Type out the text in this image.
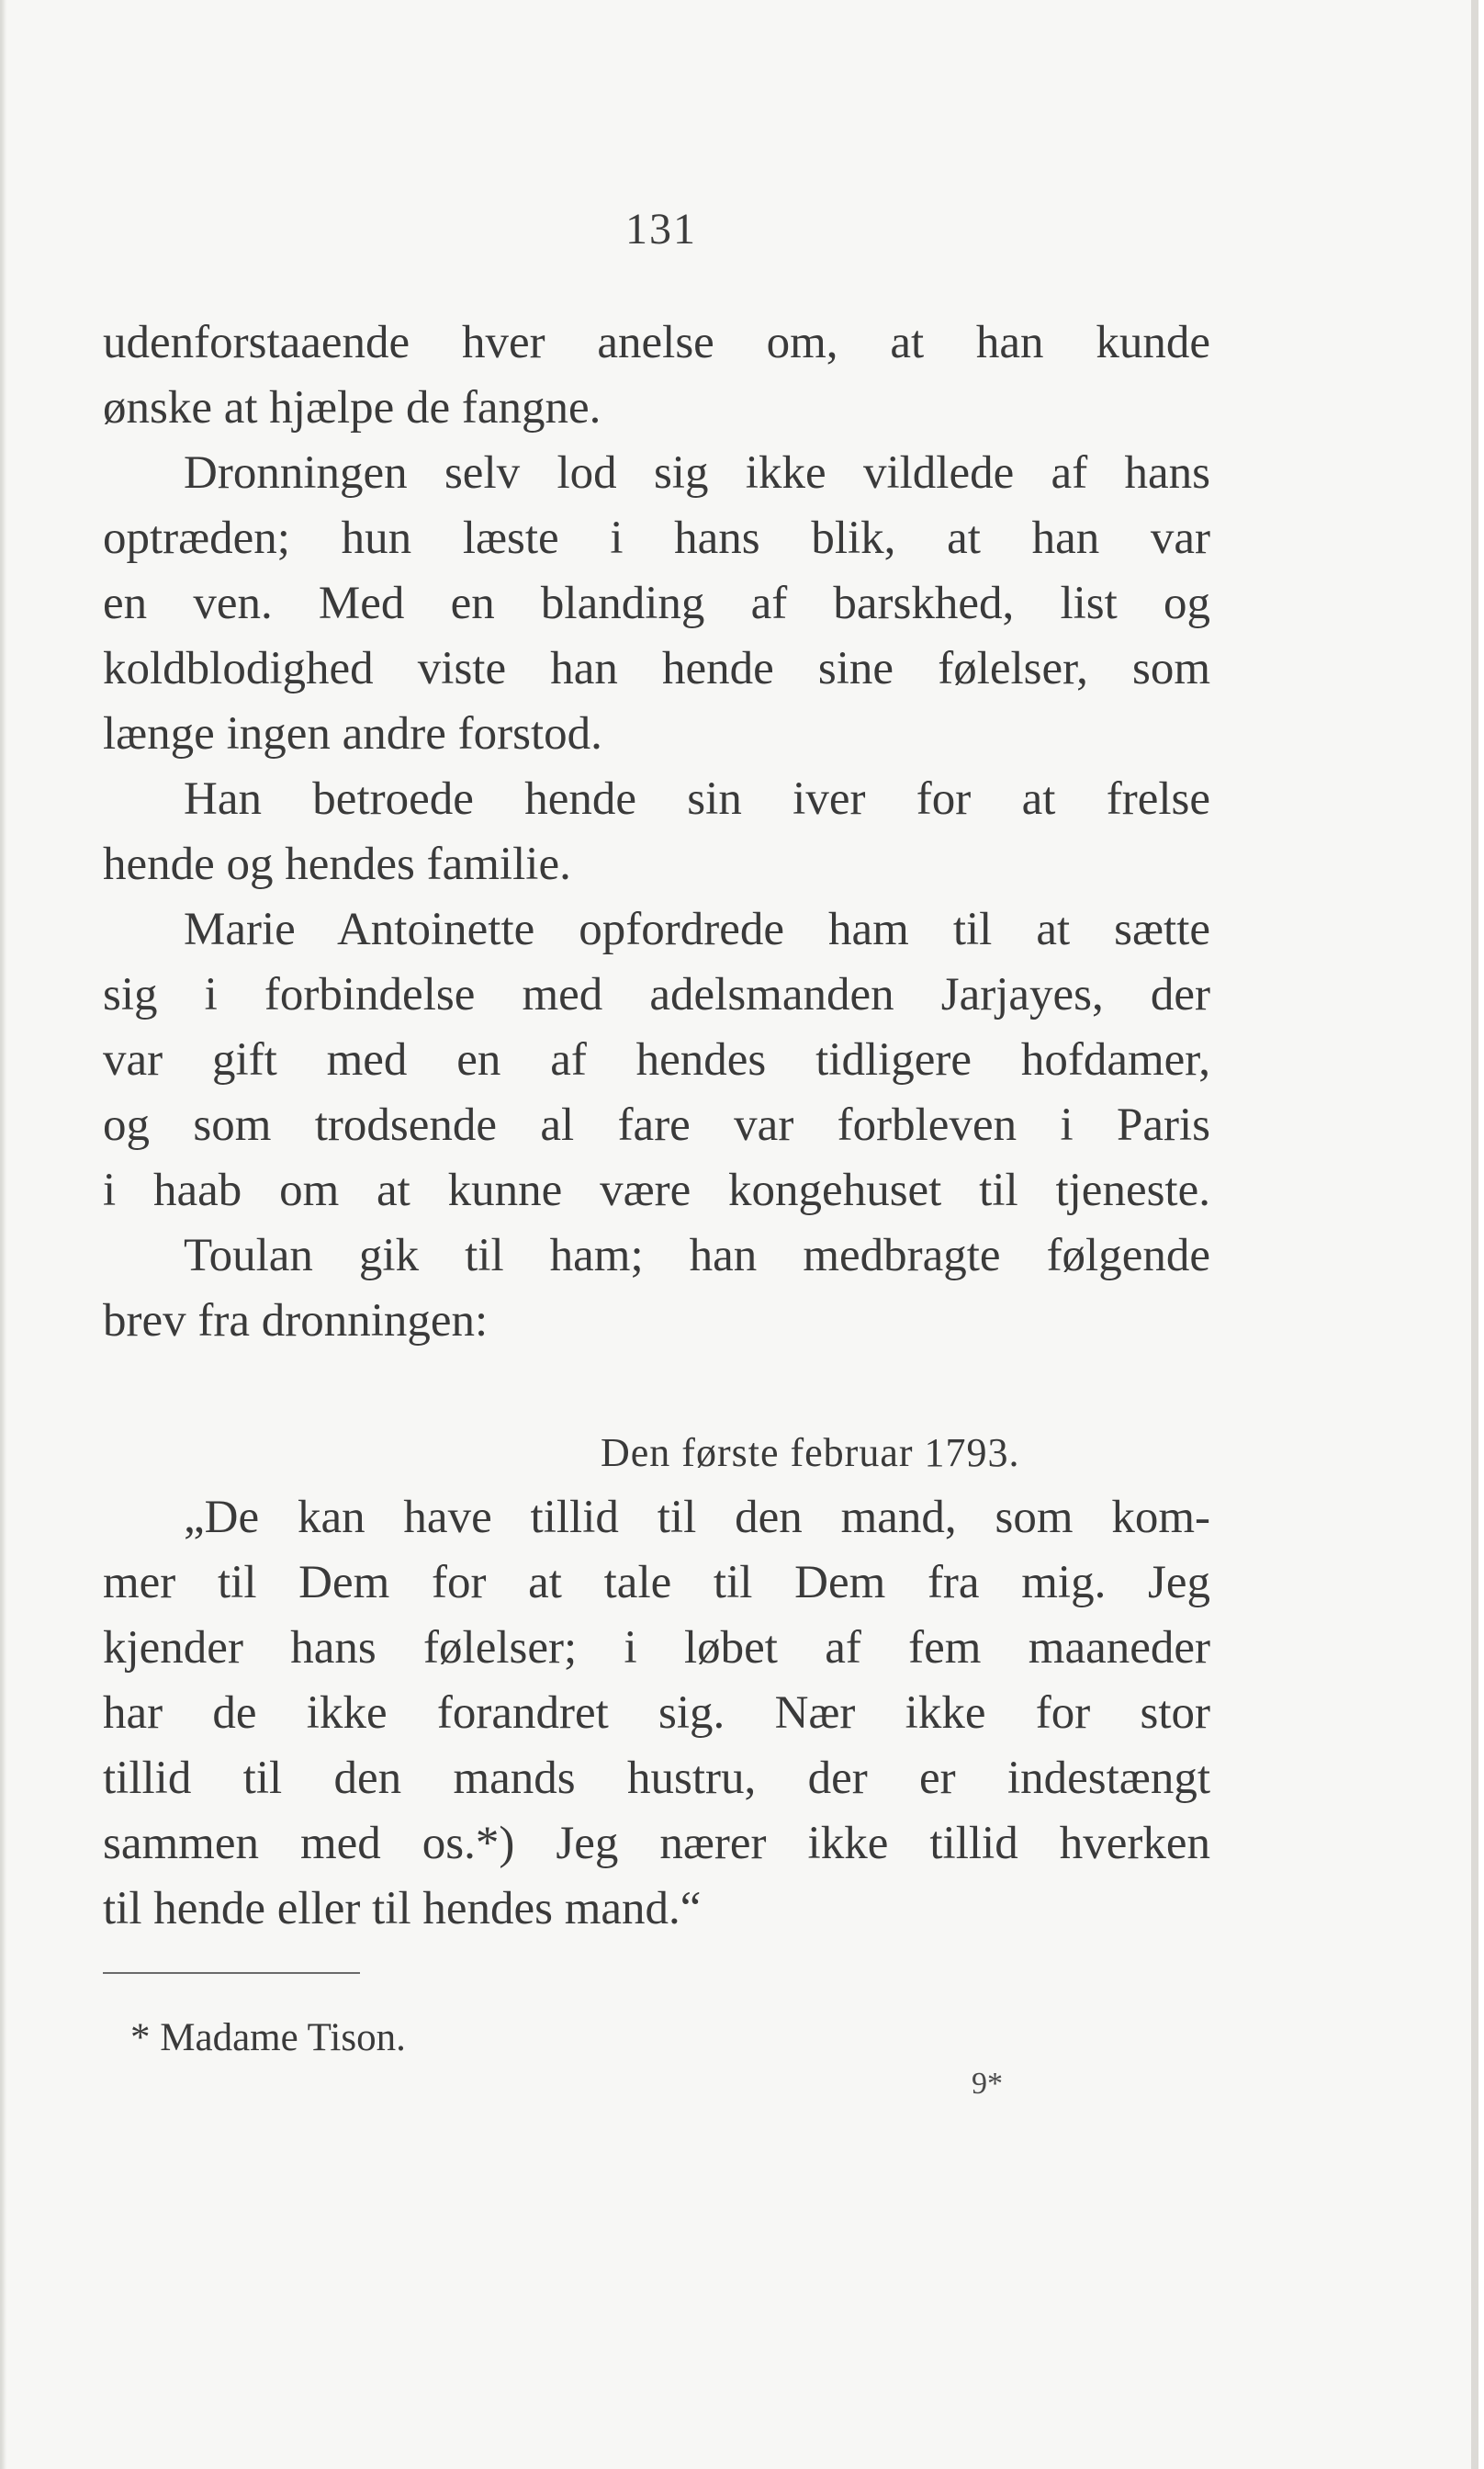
131
udenforstaaende hver anelse om, at han kunde
ønske at hjælpe de fangne.
Dronningen selv lod sig ikke vildlede af hans
optræden; hun læste i hans blik, at han var
en ven. Med en blanding af barskhed, list og
koldblodighed viste han hende sine følelser, som
længe ingen andre forstod.
Han betroede hende sin iver for at frelse
hende og hendes familie.
Marie Antoinette opfordrede ham til at sætte
sig i forbindelse med adelsmanden Jarjayes, der
var gift med en af hendes tidligere hofdamer,
og som trodsende al fare var forbleven i Paris
i haab om at kunne være kongehuset til tjeneste.
Toulan gik til ham; han medbragte følgende
brev fra dronningen:
Den første februar 1793.
„De kan have tillid til den mand, som kom-
mer til Dem for at tale til Dem fra mig. Jeg
kjender hans følelser; i løbet af fem maaneder
har de ikke forandret sig. Nær ikke for stor
tillid til den mands hustru, der er indestængt
sammen med os.*) Jeg nærer ikke tillid hverken
til hende eller til hendes mand.“
* Madame Tison.
9*
